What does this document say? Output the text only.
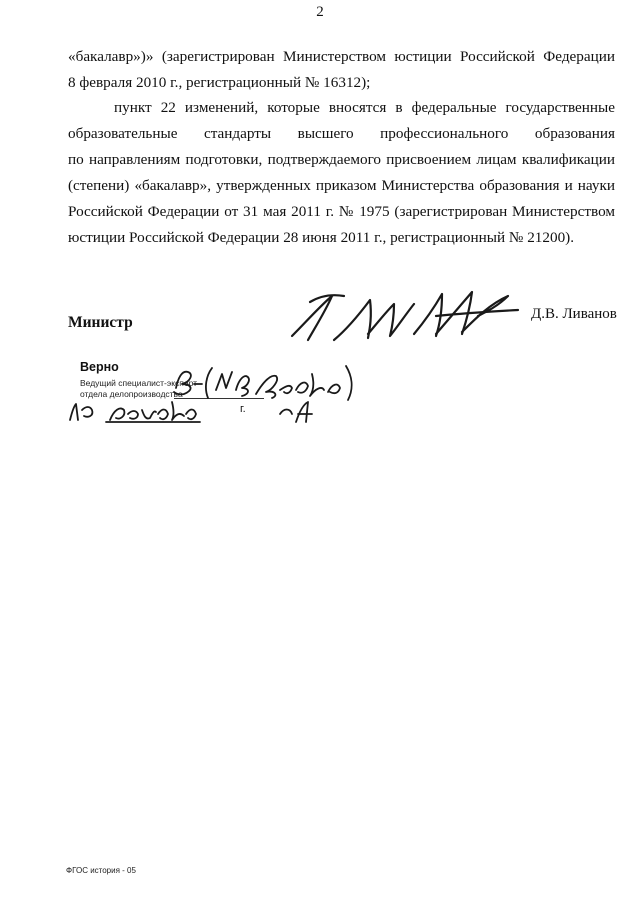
2
«бакалавр»)» (зарегистрирован Министерством юстиции Российской Федерации
8 февраля 2010 г., регистрационный № 16312);
пункт 22 изменений, которые вносятся в федеральные государственные
образовательные стандарты высшего профессионального образования
по направлениям подготовки, подтверждаемого присвоением лицам квалификации
(степени) «бакалавр», утвержденных приказом Министерства образования и науки
Российской Федерации от 31 мая 2011 г. № 1975 (зарегистрирован Министерством
юстиции Российской Федерации 28 июня 2011 г., регистрационный № 21200).
Министр	Д.В. Ливанов
Верно
Ведущий специалист-эксперт
отдела делопроизводства
г.
ФГОС история - 05
